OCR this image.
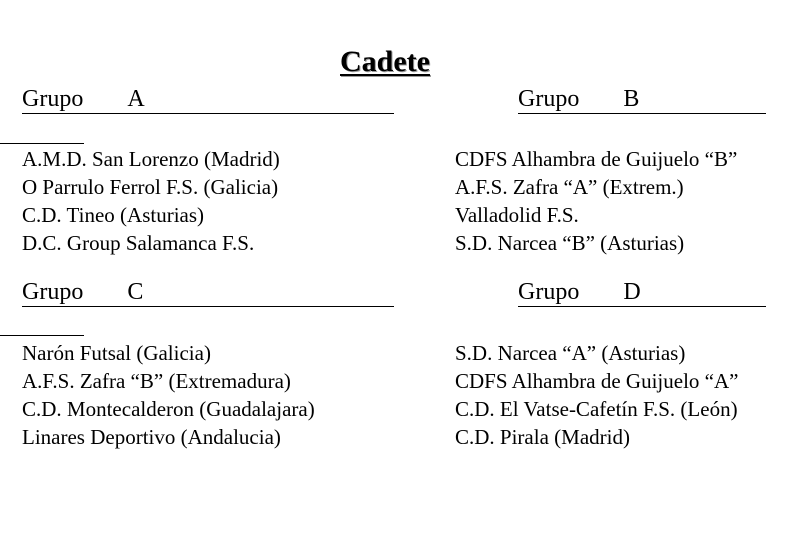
Cadete
Grupo A
A.M.D. San Lorenzo (Madrid)
O Parrulo Ferrol F.S. (Galicia)
C.D. Tineo (Asturias)
D.C. Group Salamanca F.S.
Grupo B
CDFS Alhambra de Guijuelo “B”
A.F.S. Zafra “A” (Extrem.)
Valladolid F.S.
S.D. Narcea “B” (Asturias)
Grupo C
Narón Futsal (Galicia)
A.F.S. Zafra “B” (Extremadura)
C.D. Montecalderon (Guadalajara)
Linares Deportivo (Andalucia)
Grupo D
S.D. Narcea “A” (Asturias)
CDFS Alhambra de Guijuelo “A”
C.D. El Vatse-Cafetín F.S. (León)
C.D. Pirala (Madrid)
